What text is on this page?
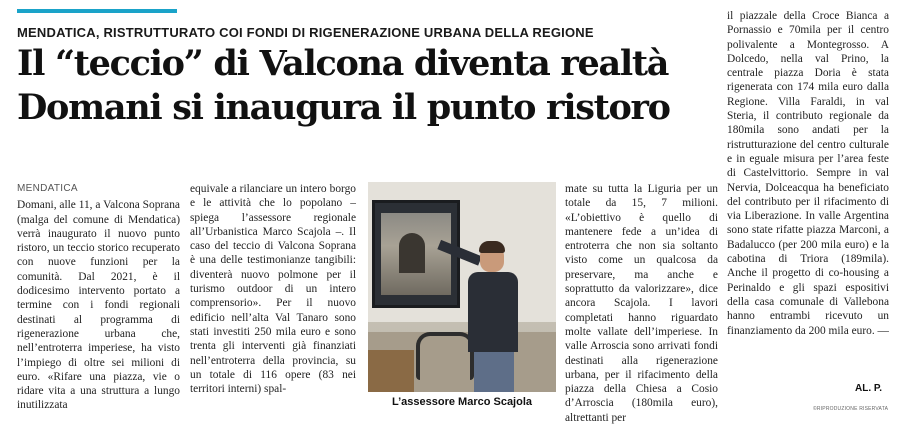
MENDATICA, RISTRUTTURATO COI FONDI DI RIGENERAZIONE URBANA DELLA REGIONE
Il “teccio” di Valcona diventa realtà
Domani si inaugura il punto ristoro
MENDATICA

Domani, alle 11, a Valcona Soprana (malga del comune di Mendatica) verrà inaugurato il nuovo punto ristoro, un teccio storico recuperato con nuove funzioni per la comunità. Dal 2021, è il dodicesimo intervento portato a termine con i fondi regionali destinati al programma di rigenerazione urbana che, nell’entroterra imperiese, ha visto l’impiego di oltre sei milioni di euro. «Rifare una piazza, vie o ridare vita a una struttura a lungo inutilizzata

equivale a rilanciare un intero borgo e le attività che lo popolano – spiega l’assessore regionale all’Urbanistica Marco Scajola –. Il caso del teccio di Valcona Soprana è una delle testimonianze tangibili: diventerà nuovo polmone per il turismo outdoor di un intero comprensorio». Per il nuovo edificio nell’alta Val Tanaro sono stati investiti 250 mila euro e sono trenta gli interventi già finanziati nell’entroterra della provincia, su un totale di 116 opere (83 nei territori interni) spal-

L’assessore Marco Scajola

mate su tutta la Liguria per un totale da 15, 7 milioni. «L’obiettivo è quello di mantenere fede a un’idea di entroterra che non sia soltanto visto come un qualcosa da preservare, ma anche e soprattutto da valorizzare», dice ancora Scajola. I lavori completati hanno riguardato molte vallate dell’imperiese. In valle Arroscia sono arrivati fondi destinati alla rigenerazione urbana, per il rifacimento della piazza della Chiesa a Cosio d’Arroscia (180mila euro), altrettanti per

il piazzale della Croce Bianca a Pornassio e 70mila per il centro polivalente a Montegrosso. A Dolcedo, nella val Prino, la centrale piazza Doria è stata rigenerata con 174 mila euro dalla Regione. Villa Faraldi, in val Steria, il contributo regionale da 180mila sono andati per la ristrutturazione del centro culturale e in eguale misura per l’area feste di Castelvittorio. Sempre in val Nervia, Dolceacqua ha beneficiato del contributo per il rifacimento di via Liberazione. In valle Argentina sono state rifatte piazza Marconi, a Badalucco (per 200 mila euro) e la cabotina di Triora (189mila). Anche il progetto di co-housing a Perinaldo e gli spazi espositivi della casa comunale di Vallebona hanno entrambi ricevuto un finanziamento da 200 mila euro. —

AL. P.
©RIPRODUZIONE RISERVATA
